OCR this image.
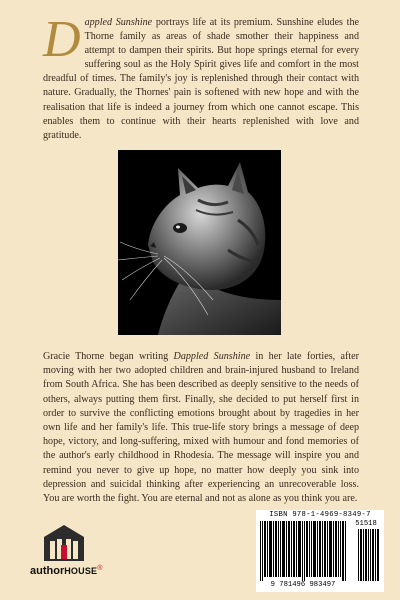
Dappled Sunshine portrays life at its premium. Sunshine eludes the Thorne family as areas of shade smother their happiness and attempt to dampen their spirits. But hope springs eternal for every suffering soul as the Holy Spirit gives life and comfort in the most dreadful of times. The family's joy is replenished through their contact with nature. Gradually, the Thornes' pain is softened with new hope and with the realisation that life is indeed a journey from which one cannot escape. This enables them to continue with their hearts replenished with love and gratitude.

Gracie Thorne began writing Dappled Sunshine in her late forties, after moving with her two adopted children and brain-injured husband to Ireland from South Africa. She has been described as deeply sensitive to the needs of others, always putting them first. Finally, she decided to put herself first in order to survive the conflicting emotions brought about by tragedies in her own life and her family's life. This true-life story brings a message of deep hope, victory, and long-suffering, mixed with humour and fond memories of the author's early childhood in Rhodesia. The message will inspire you and remind you never to give up hope, no matter how deeply you sink into depression and suicidal thinking after experiencing an unrecoverable loss. You are worth the fight. You are eternal and not as alone as you think you are.

authorHOUSE®
ISBN 978-1-4969-8349-7
51518
9 781496 983497
